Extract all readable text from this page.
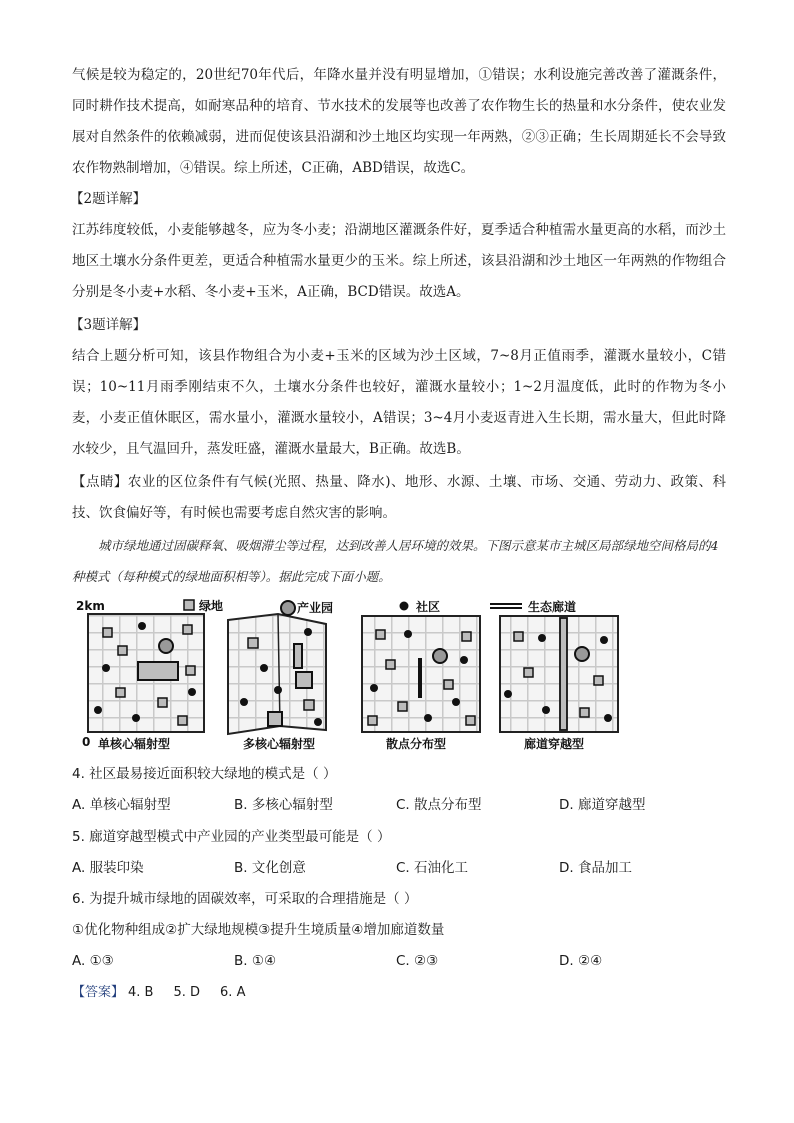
气候是较为稳定的，20世纪70年代后，年降水量并没有明显增加，①错误；水利设施完善改善了灌溉条件，同时耕作技术提高，如耐寒品种的培育、节水技术的发展等也改善了农作物生长的热量和水分条件，使农业发展对自然条件的依赖减弱，进而促使该县沿湖和沙土地区均实现一年两熟，②③正确；生长周期延长不会导致农作物熟制增加，④错误。综上所述，C正确，ABD错误，故选C。

【2题详解】

江苏纬度较低，小麦能够越冬，应为冬小麦；沿湖地区灌溉条件好，夏季适合种植需水量更高的水稻，而沙土地区土壤水分条件更差，更适合种植需水量更少的玉米。综上所述，该县沿湖和沙土地区一年两熟的作物组合分别是冬小麦+水稻、冬小麦+玉米，A正确，BCD错误。故选A。

【3题详解】

结合上题分析可知，该县作物组合为小麦+玉米的区域为沙土区域，7~8月正值雨季，灌溉水量较小，C错误；10~11月雨季刚结束不久，土壤水分条件也较好，灌溉水量较小；1~2月温度低，此时的作物为冬小麦，小麦正值休眠区，需水量小，灌溉水量较小，A错误；3~4月小麦返青进入生长期，需水量大，但此时降水较少，且气温回升，蒸发旺盛，灌溉水量最大，B正确。故选B。

【点睛】农业的区位条件有气候(光照、热量、降水)、地形、水源、土壤、市场、交通、劳动力、政策、科技、饮食偏好等，有时候也需要考虑自然灾害的影响。

城市绿地通过固碳释氧、吸烟滞尘等过程，达到改善人居环境的效果。下图示意某市主城区局部绿地空间格局的4种模式（每种模式的绿地面积相等）。据此完成下面小题。

2km
0
绿地
单核心辐射型
产业园
多核心辐射型
社区
散点分布型
生态廊道
廊道穿越型

4. 社区最易接近面积较大绿地的模式是（ ）

A. 单核心辐射型	B. 多核心辐射型	C. 散点分布型	D. 廊道穿越型

5. 廊道穿越型模式中产业园的产业类型最可能是（ ）

A. 服装印染	B. 文化创意	C. 石油化工	D. 食品加工

6. 为提升城市绿地的固碳效率，可采取的合理措施是（ ）

①优化物种组成②扩大绿地规模③提升生境质量④增加廊道数量

A. ①③	B. ①④	C. ②③	D. ②④
【答案】 4. B 5. D 6. A
